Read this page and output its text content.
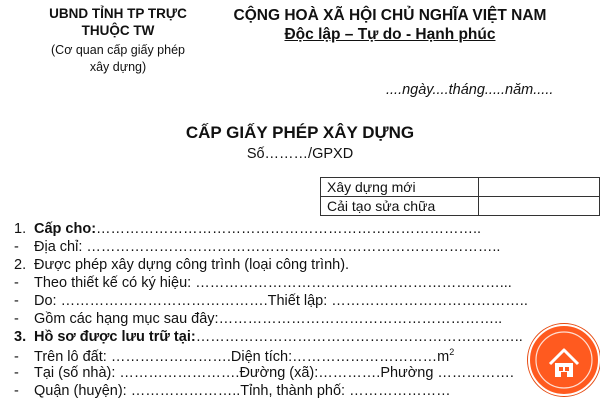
UBND TỈNH TP TRỰC
THUỘC TW
(Cơ quan cấp giấy phép
xây dựng)
CỘNG HOÀ XÃ HỘI CHỦ NGHĨA VIỆT NAM
Độc lập – Tự do - Hạnh phúc
....ngày....tháng.....năm.....
CẤP GIẤY PHÉP XÂY DỰNG
Số………/GPXD
Xây dựng mới	
Cải tạo sửa chữa	
1. Cấp cho:……………………………………………………………………..
- Địa chỉ: …………………………………………………………………………..
2. Được phép xây dựng công trình (loại công trình).
- Theo thiết kế có ký hiệu: ………………………………………………………...
- Do: …………………………………….Thiết lập: …………………………………..
- Gồm các hạng mục sau đây:…………………………………………………..
3. Hồ sơ được lưu trữ tại:…………………………………………………………..
- Trên lô đất: …………………….Diện $tích:\dots\dots\dots\dots\dots\dots\dots\dots\dots\dots m^2$
- Tại (số nhà): …………………….Đường (xã):………….Phường …………….
- Quận (huyện): …………………..Tỉnh, thành phố: …………………
